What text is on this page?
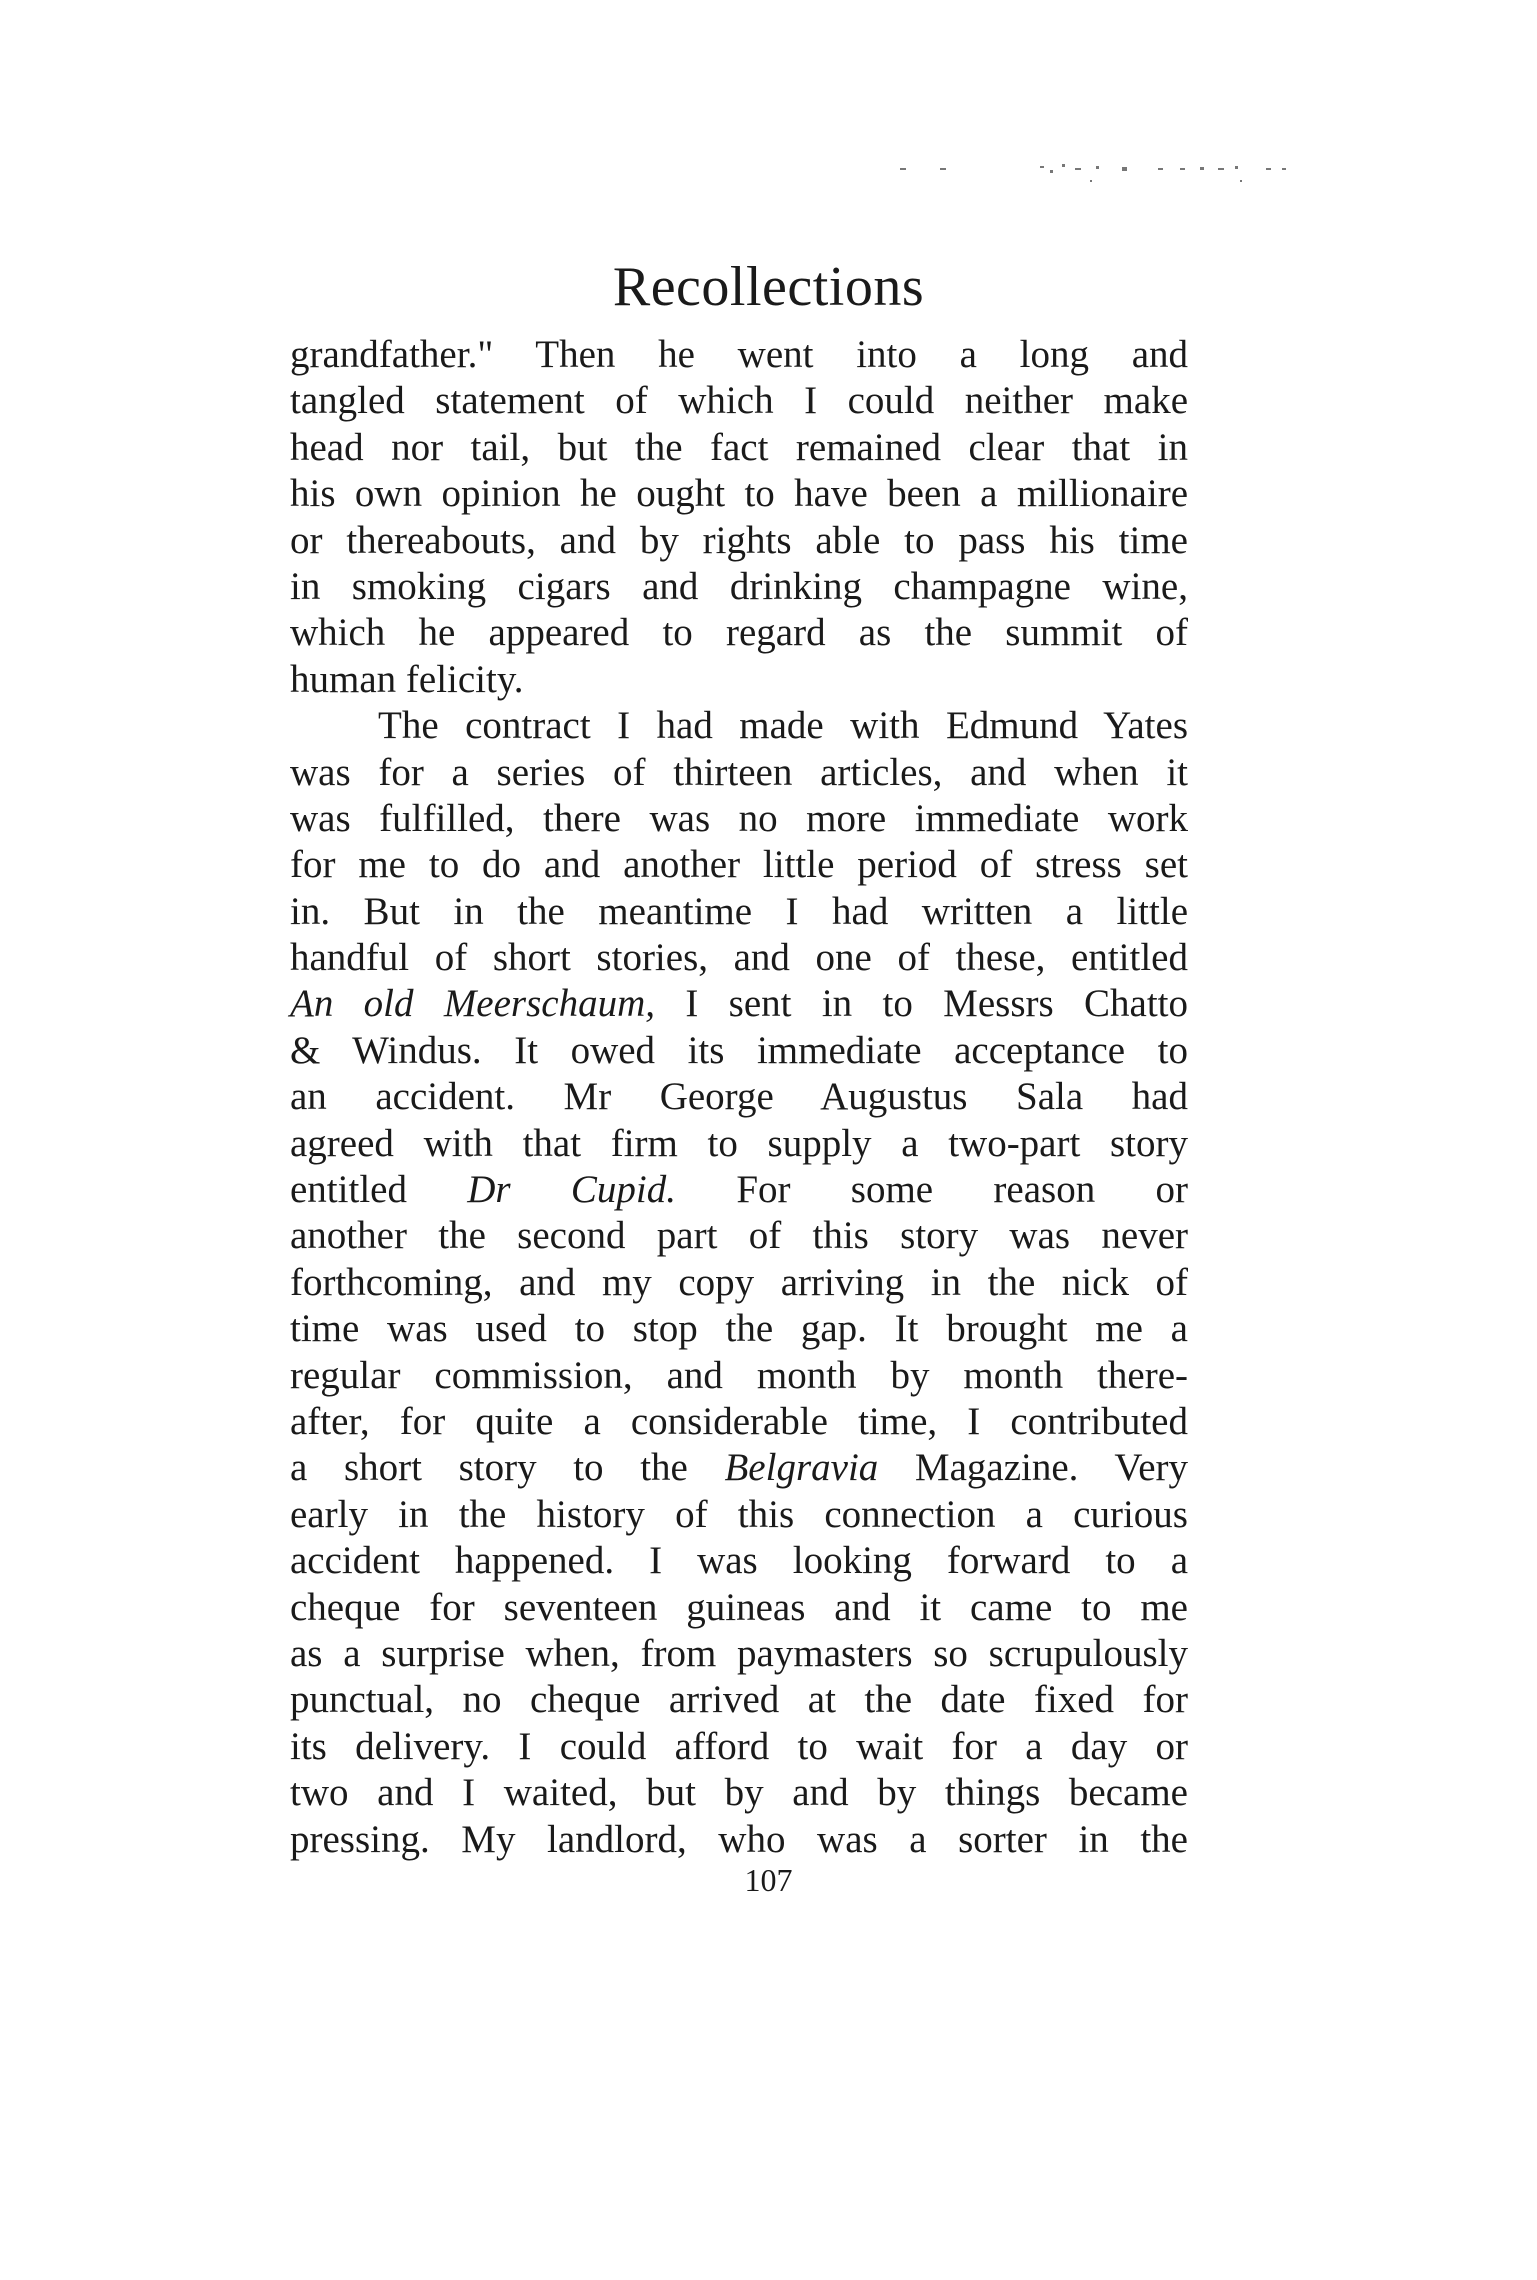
Recollections
grandfather." Then he went into a long and
tangled statement of which I could neither make
head nor tail, but the fact remained clear that in
his own opinion he ought to have been a millionaire
or thereabouts, and by rights able to pass his time
in smoking cigars and drinking champagne wine,
which he appeared to regard as the summit of
human felicity.
The contract I had made with Edmund Yates
was for a series of thirteen articles, and when it
was fulfilled, there was no more immediate work
for me to do and another little period of stress set
in. But in the meantime I had written a little
handful of short stories, and one of these, entitled
An old Meerschaum, I sent in to Messrs Chatto
& Windus. It owed its immediate acceptance to
an accident. Mr George Augustus Sala had
agreed with that firm to supply a two-part story
entitled Dr Cupid. For some reason or
another the second part of this story was never
forthcoming, and my copy arriving in the nick of
time was used to stop the gap. It brought me a
regular commission, and month by month there-
after, for quite a considerable time, I contributed
a short story to the Belgravia Magazine. Very
early in the history of this connection a curious
accident happened. I was looking forward to a
cheque for seventeen guineas and it came to me
as a surprise when, from paymasters so scrupulously
punctual, no cheque arrived at the date fixed for
its delivery. I could afford to wait for a day or
two and I waited, but by and by things became
pressing. My landlord, who was a sorter in the
107
